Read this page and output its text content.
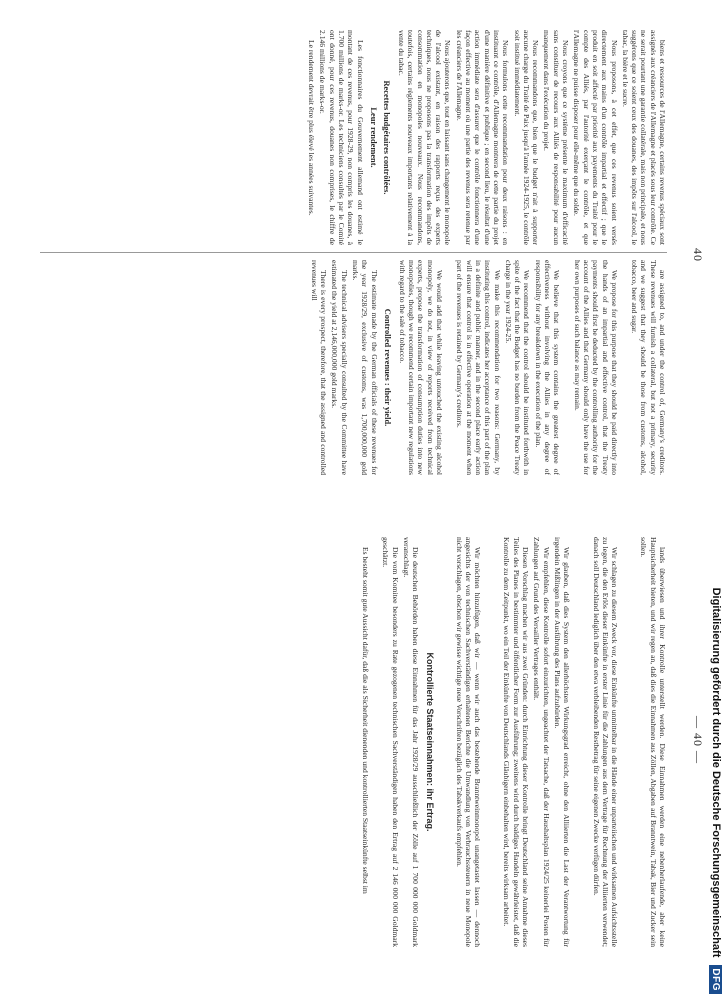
40

biens et ressources de l'Allemagne, certains revenus spéciaux sont assignés aux créanciers de l'Allemagne et placés sous leur contrôle. Ce ne serait pourtant une garantie collatérale, mais non principale, et nous suggérons que ce soient ceux des douanes, des impôts sur l'alcool, le tabac, la bière et le sucre.

Nous proposons, à cet effet, que ces revenus soient versés directement aux mains d'un contrôle impartial et effectif ; que le produit en soit affecté par priorité aux payements du Traité pour le compte des Alliés, par l'autorité exerçant le contrôle, et que l'Allemagne ne puisse disposer pour elle-même que du solde.

Nous croyons que ce système présente le maximum d'efficacité sans constituer de recours aux Alliés de responsabilité pour aucun manquement dans l'exécution du projet.

Nous recommandons que, bien que le budget n'ait à supporter aucune charge du Traité de Paix jusqu'à l'année 1924-1925, le contrôle soit institué immédiatement.

Nous formulons cette recommandation pour deux raisons : en instituant ce contrôle, d'Allemagne montrera de cette partie du projet d'une manière définitive et publique ; en second lieu, le résultat d'une action immédiate sera d'assurer que le contrôle fonctionnera d'une façon effective au moment où une partie des revenus sera retenue par les créanciers de l'Allemagne.

Nous ajouterons que, tout en laissant sans changement le monopole de l'alcool existant, en raison des rapports reçus des experts techniques, nous ne proposons pas la transformation des impôts de consommation en monopoles nouveaux. Nous recommandons, toutefois, certains règlements nouveaux importants relativement à la vente du tabac.

Recettes budgétaires contrôlées.
Leur rendement.

Les fonctionnaires du Gouvernement allemand ont estimé le montant de ces revenus, pour 1928-29, non compris les douanes, à 1.700 millions de marks-or. Les techniciens consultés par le Comité ont donné, pour ces revenus, douanes non comprises, le chiffre de 2.146 millions de marks-or.

Le rendement devrait être plus élevé les années suivantes.

are assigned to, and under the control of, Germany's creditors. These revenues will furnish a collateral, but not a primary, security and we suggest that they should be those from customs, alcohol, tobacco, beer and sugar.

We propose for this purpose that they should be paid directly into the hands of an impartial and effective control, that the Treaty payments should first be deducted by the controlling authority for the account of the Allies and that Germany should only have the use for her own purposes of such balance as may remain.

We believe that this system contains the greatest degree of effectiveness without involving the Allies in any degree of responsibility for any breakdown in the execution of the plan.

We recommend that the control should be instituted forthwith in spite of the fact that the Budget has no burden from the Peace Treaty charge in the year 1924-25.

We make this recommendation for two reasons: Germany, by instituting this control, indicates her acceptance of this part of the plan in a definite and public manner, and in the second place early action will ensure that control is in effective operation at the moment when part of the revenues is retained by Germany's creditors.

We would add that while leaving untouched the existing alcohol monopoly, we do not, in view of reports received from technical experts, propose the transformation of consumption duties into new monopolies, though we recommend certain important new regulations with regard to the sale of tobacco.

Controlled revenues : their yield.

The estimate made by the German officials of these revenues for the year 1928/29, exclusive of customs, was 1,700,000,000 gold marks.

The technical advisers specially consulted by the Committee have estimated the yield at 2,146,000,000 gold marks.

There is every prospect, therefore, that the assigned and controlled revenues will

— 40 —

lands überwiesen und ihrer Kontrolle unterstellt werden. Diese Einnahmen werden eine nebenherlaufende, aber keine Hauptsicherheit bieten, und wir regen an, daß dies die Einnahmen aus Zöllen, Abgaben auf Branntwein, Tabak, Bier und Zucker sein sollen.

Wir schlagen zu diesem Zweck vor, diese Einkünfte unmittelbar in die Hände einer unparteiischen und wirksamen Aufsichtsstelle zu legen, die den Erlös dieser Einkünfte in erster Linie für die Zahlungen aus dem Vertrage für Rechnung der Alliierten verwendet; danach soll Deutschland lediglich über den etwa verbleibenden Restbetrag für seine eigenen Zwecke verfügen dürfen.

Wir glauben, daß dies System den allerhöchsten Wirkungsgrad erreicht, ohne den Alliierten die Last der Verantwortung für irgendein Mißlingen in der Ausführung des Plans aufzubürden.

Wir empfehlen, diese Kontrolle sofort einzurichten, ungeachtet der Tatsache, daß der Haushaltsplan 1924/25 keinerlei Posten für Zahlungen auf Grund des Versailler Vertrages enthält.

Diesen Vorschlag machen wir aus zwei Gründen: durch Einrichtung dieser Kontrolle bringt Deutschland seine Annahme dieses Teiles des Planes in bestimmter und öffentlicher Form zur Ausführung; zweitens wird durch baldiges Handeln gewährleistet, daß die Kontrolle zu dem Zeitpunkt, wo ein Teil der Einkünfte von Deutschlands Gläubigern einbehalten wird, bereits wirksam arbeitet.

Wir möchten hinzufügen, daß wir — wenn wir auch das bestehende Branntweinmonopol unangetastet lassen — dennoch angesichts der von technischen Sachverständigen erhaltenen Berichte die Umwandlung von Verbrauchssteuern in neue Monopole nicht vorschlagen, obschon wir gewisse wichtige neue Vorschriften bezüglich des Tabakverkaufs empfehlen.

Kontrollierte Staatseinnahmen: ihr Ertrag.

Die deutschen Behörden haben diese Einnahmen für das Jahr 1928/29 ausschließlich der Zölle auf 1 700 000 000 Goldmark veranschlagt.

Die vom Komitee besonders zu Rate gezogenen technischen Sachverständigen haben den Ertrag auf 2 146 000 000 Goldmark geschätzt.

Es besteht somit gute Aussicht dafür, daß die als Sicherheit dienenden und kontrollierten Staatseinkünfte selbst im	Digitalisierung gefördert durch die Deutsche Forschungsgemeinschaft
DFG
